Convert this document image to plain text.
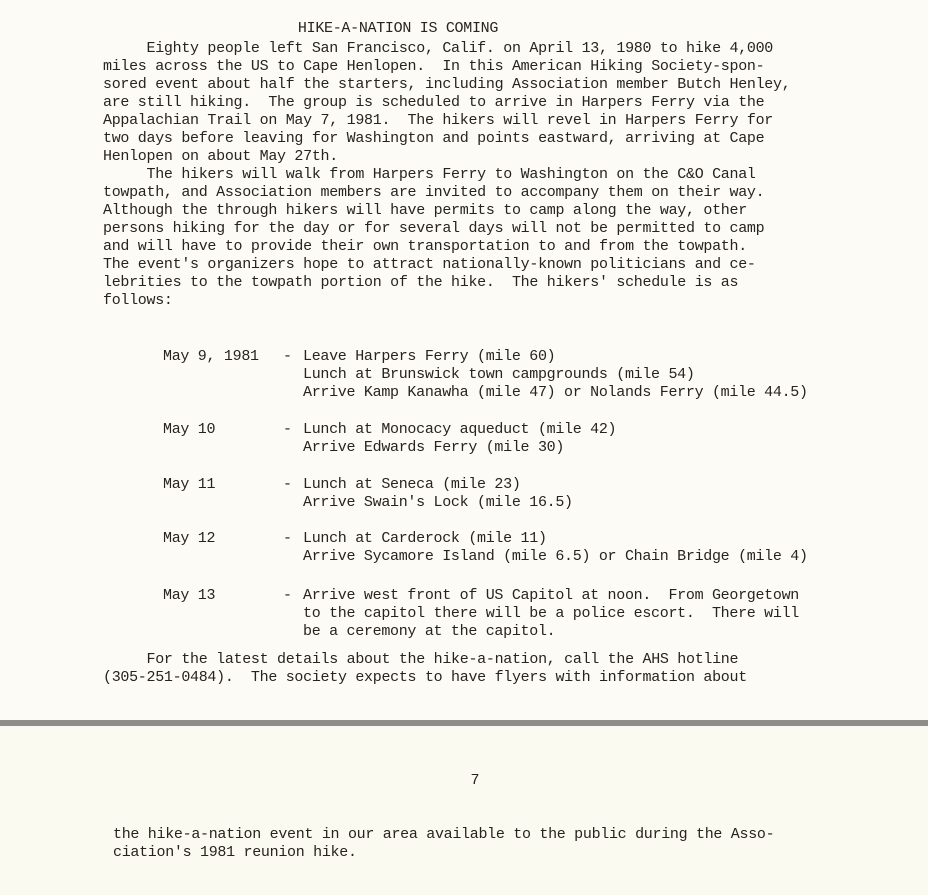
HIKE-A-NATION IS COMING
Eighty people left San Francisco, Calif. on April 13, 1980 to hike 4,000
miles across the US to Cape Henlopen.  In this American Hiking Society-spon-
sored event about half the starters, including Association member Butch Henley,
are still hiking.  The group is scheduled to arrive in Harpers Ferry via the
Appalachian Trail on May 7, 1981.  The hikers will revel in Harpers Ferry for
two days before leaving for Washington and points eastward, arriving at Cape
Henlopen on about May 27th.
The hikers will walk from Harpers Ferry to Washington on the C&O Canal
towpath, and Association members are invited to accompany them on their way.
Although the through hikers will have permits to camp along the way, other
persons hiking for the day or for several days will not be permitted to camp
and will have to provide their own transportation to and from the towpath.
The event's organizers hope to attract nationally-known politicians and ce-
lebrities to the towpath portion of the hike.  The hikers' schedule is as
follows:
May 9, 1981 - Leave Harpers Ferry (mile 60)
Lunch at Brunswick town campgrounds (mile 54)
Arrive Kamp Kanawha (mile 47) or Nolands Ferry (mile 44.5)
May 10	- Lunch at Monocacy aqueduct (mile 42)
Arrive Edwards Ferry (mile 30)
May 11	- Lunch at Seneca (mile 23)
Arrive Swain's Lock (mile 16.5)
May 12	- Lunch at Carderock (mile 11)
Arrive Sycamore Island (mile 6.5) or Chain Bridge (mile 4)
May 13	- Arrive west front of US Capitol at noon.  From Georgetown
to the capitol there will be a police escort.  There will
be a ceremony at the capitol.
For the latest details about the hike-a-nation, call the AHS hotline
(305-251-0484).  The society expects to have flyers with information about
7
the hike-a-nation event in our area available to the public during the Asso-
ciation's 1981 reunion hike.
